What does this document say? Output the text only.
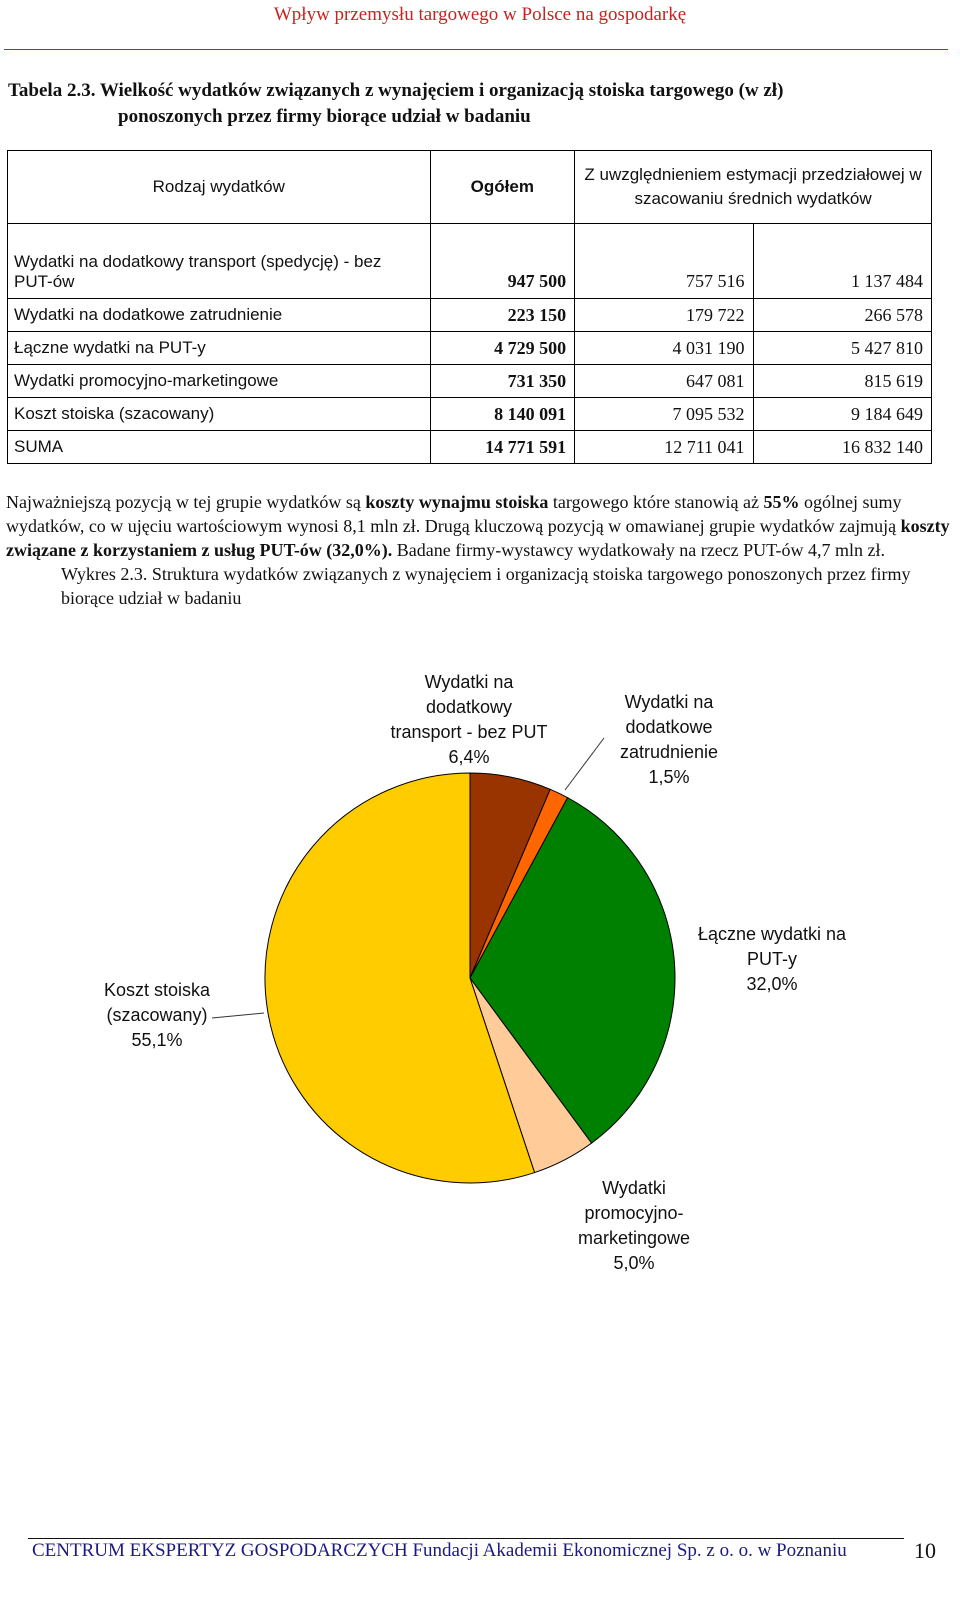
Wpływ przemysłu targowego w Polsce na gospodarkę
Tabela 2.3. Wielkość wydatków związanych z wynajęciem i organizacją stoiska targowego (w zł)
ponoszonych przez firmy biorące udział w badaniu
Rodzaj wydatków	Ogółem	Z uwzględnieniem estymacji przedziałowej w szacowaniu średnich wydatków	
Wydatki na dodatkowy transport (spedycję) - bez PUT-ów	947 500	757 516	1 137 484
Wydatki na dodatkowe zatrudnienie	223 150	179 722	266 578
Łączne wydatki na PUT-y	4 729 500	4 031 190	5 427 810
Wydatki promocyjno-marketingowe	731 350	647 081	815 619
Koszt stoiska (szacowany)	8 140 091	7 095 532	9 184 649
SUMA	14 771 591	12 711 041	16 832 140
Najważniejszą pozycją w tej grupie wydatków są koszty wynajmu stoiska targowego które stanowią aż 55% ogólnej sumy wydatków, co w ujęciu wartościowym wynosi 8,1 mln zł. Drugą kluczową pozycją w omawianej grupie wydatków zajmują koszty związane z korzystaniem z usług PUT-ów (32,0%). Badane firmy-wystawcy wydatkowały na rzecz PUT-ów 4,7 mln zł.
Wykres 2.3. Struktura wydatków związanych z wynajęciem i organizacją stoiska targowego ponoszonych przez firmy biorące udział w badaniu
Wydatki na dodatkowy transport - bez PUT 6,4%
Wydatki na dodatkowe zatrudnienie 1,5%
Łączne wydatki na PUT-y 32,0%
Wydatki promocyjno-marketingowe 5,0%
Koszt stoiska (szacowany) 55,1%
CENTRUM EKSPERTYZ GOSPODARCZYCH Fundacji Akademii Ekonomicznej Sp. z o. o. w Poznaniu	10
